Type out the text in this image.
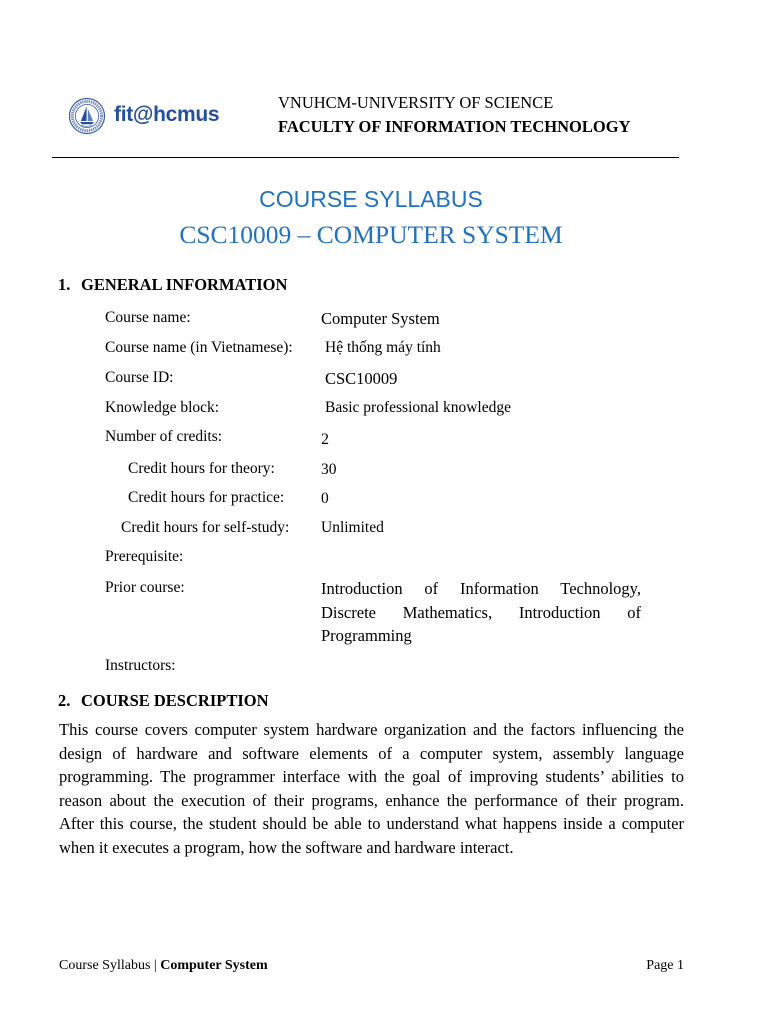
fit@hcmus
VNUHCM-UNIVERSITY OF SCIENCE
FACULTY OF INFORMATION TECHNOLOGY
COURSE SYLLABUS
CSC10009 – COMPUTER SYSTEM
1. GENERAL INFORMATION
Course name:	Computer System
Course name (in Vietnamese): Hệ thống máy tính
Course ID:	CSC10009
Knowledge block:	Basic professional knowledge
Number of credits:	2
Credit hours for theory:	30
Credit hours for practice: 0
Credit hours for self-study: Unlimited
Prerequisite:
Prior course:	Introduction of Information Technology,
Discrete Mathematics, Introduction of
Programming
Instructors:
2. COURSE DESCRIPTION
This course covers computer system hardware organization and the factors influencing the
design of hardware and software elements of a computer system, assembly language
programming. The programmer interface with the goal of improving students’ abilities to
reason about the execution of their programs, enhance the performance of their program.
After this course, the student should be able to understand what happens inside a computer
when it executes a program, how the software and hardware interact.
Course Syllabus | Computer System	Page 1
